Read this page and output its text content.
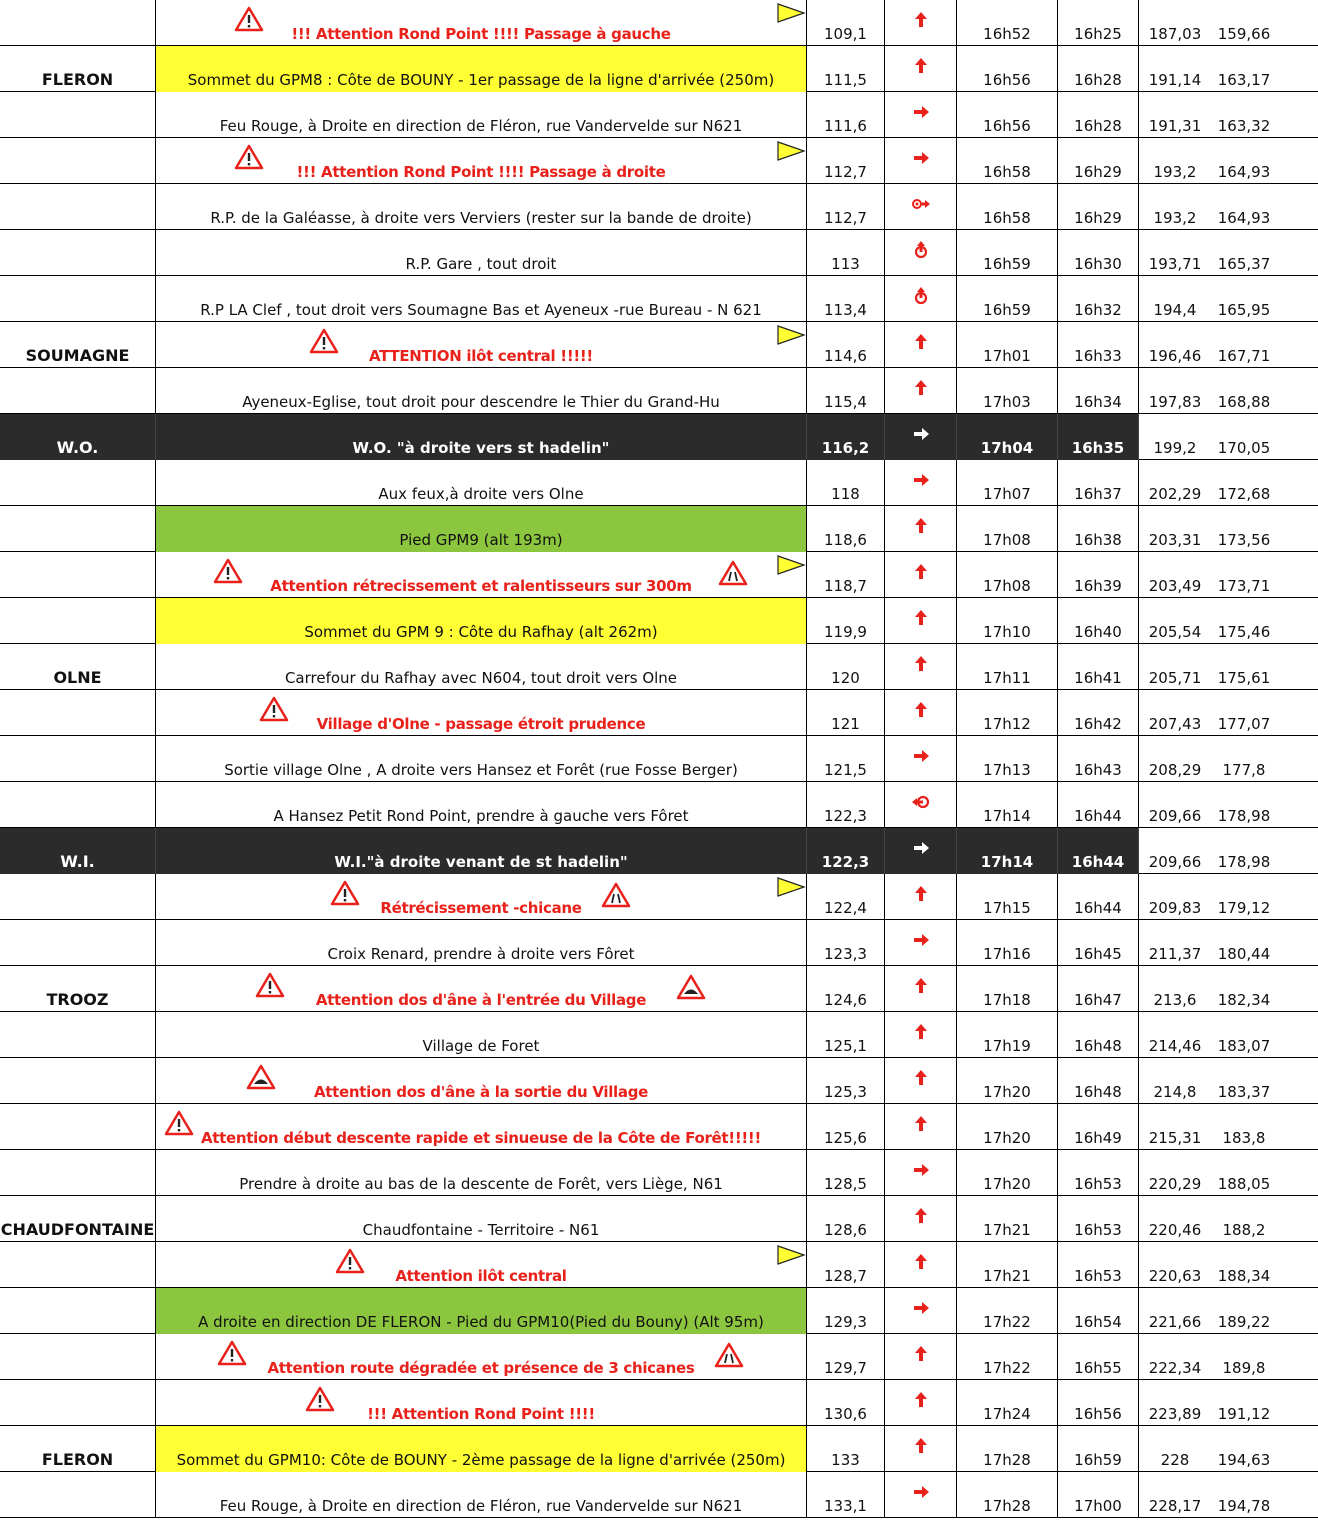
!!! Attention Rond Point !!!! Passage à gauche	109,1	16h52	16h25 187,03 159,66
FLERON	Sommet du GPM8 : Côte de BOUNY - 1er passage de la ligne d'arrivée (250m)	111,5	16h56	16h28 191,14 163,17
Feu Rouge, à Droite en direction de Fléron, rue Vandervelde sur N621	111,6	16h56	16h28 191,31 163,32
!!! Attention Rond Point !!!! Passage à droite	112,7	16h58	16h29 193,2 164,93
R.P. de la Galéasse, à droite vers Verviers (rester sur la bande de droite)	112,7	16h58	16h29 193,2 164,93
R.P. Gare , tout droit	113	16h59	16h30 193,71 165,37
R.P LA Clef , tout droit vers Soumagne Bas et Ayeneux -rue Bureau - N 621	113,4	16h59	16h32 194,4 165,95
SOUMAGNE	ATTENTION ilôt central !!!!!	114,6	17h01	16h33 196,46 167,71
Ayeneux-Eglise, tout droit pour descendre le Thier du Grand-Hu	115,4	17h03	16h34 197,83 168,88
W.O.	W.O. "à droite vers st hadelin"	116,2	17h04	16h35 199,2 170,05
Aux feux,à droite vers Olne	118	17h07	16h37 202,29 172,68
Pied GPM9 (alt 193m)	118,6	17h08	16h38 203,31 173,56
Attention rétrecissement et ralentisseurs sur 300m	118,7	17h08	16h39 203,49 173,71
Sommet du GPM 9 : Côte du Rafhay (alt 262m)	119,9	17h10	16h40 205,54 175,46
OLNE	Carrefour du Rafhay avec N604, tout droit vers Olne	120	17h11	16h41 205,71 175,61
Village d'Olne - passage étroit prudence	121	17h12	16h42 207,43 177,07
Sortie village Olne , A droite vers Hansez et Forêt (rue Fosse Berger)	121,5	17h13	16h43 208,29 177,8
A Hansez Petit Rond Point, prendre à gauche vers Fôret	122,3	17h14	16h44 209,66 178,98
W.I.	W.I."à droite venant de st hadelin"	122,3	17h14	16h44 209,66 178,98
Rétrécissement -chicane	122,4	17h15	16h44 209,83 179,12
Croix Renard, prendre à droite vers Fôret	123,3	17h16	16h45 211,37 180,44
TROOZ	Attention dos d'âne à l'entrée du Village	124,6	17h18	16h47 213,6 182,34
Village de Foret	125,1	17h19	16h48 214,46 183,07
Attention dos d'âne à la sortie du Village	125,3	17h20	16h48 214,8 183,37
Attention début descente rapide et sinueuse de la Côte de Forêt!!!!!	125,6	17h20	16h49 215,31 183,8
Prendre à droite au bas de la descente de Forêt, vers Liège, N61	128,5	17h20	16h53 220,29 188,05
CHAUDFONTAINE	Chaudfontaine - Territoire - N61	128,6	17h21	16h53 220,46 188,2
Attention ilôt central	128,7	17h21	16h53 220,63 188,34
A droite en direction DE FLERON - Pied du GPM10(Pied du Bouny) (Alt 95m)	129,3	17h22	16h54 221,66 189,22
Attention route dégradée et présence de 3 chicanes	129,7	17h22	16h55 222,34 189,8
!!! Attention Rond Point !!!!	130,6	17h24	16h56 223,89 191,12
FLERON	Sommet du GPM10: Côte de BOUNY - 2ème passage de la ligne d'arrivée (250m)	133	17h28	16h59	228 194,63
Feu Rouge, à Droite en direction de Fléron, rue Vandervelde sur N621	133,1	17h28	17h00 228,17 194,78
